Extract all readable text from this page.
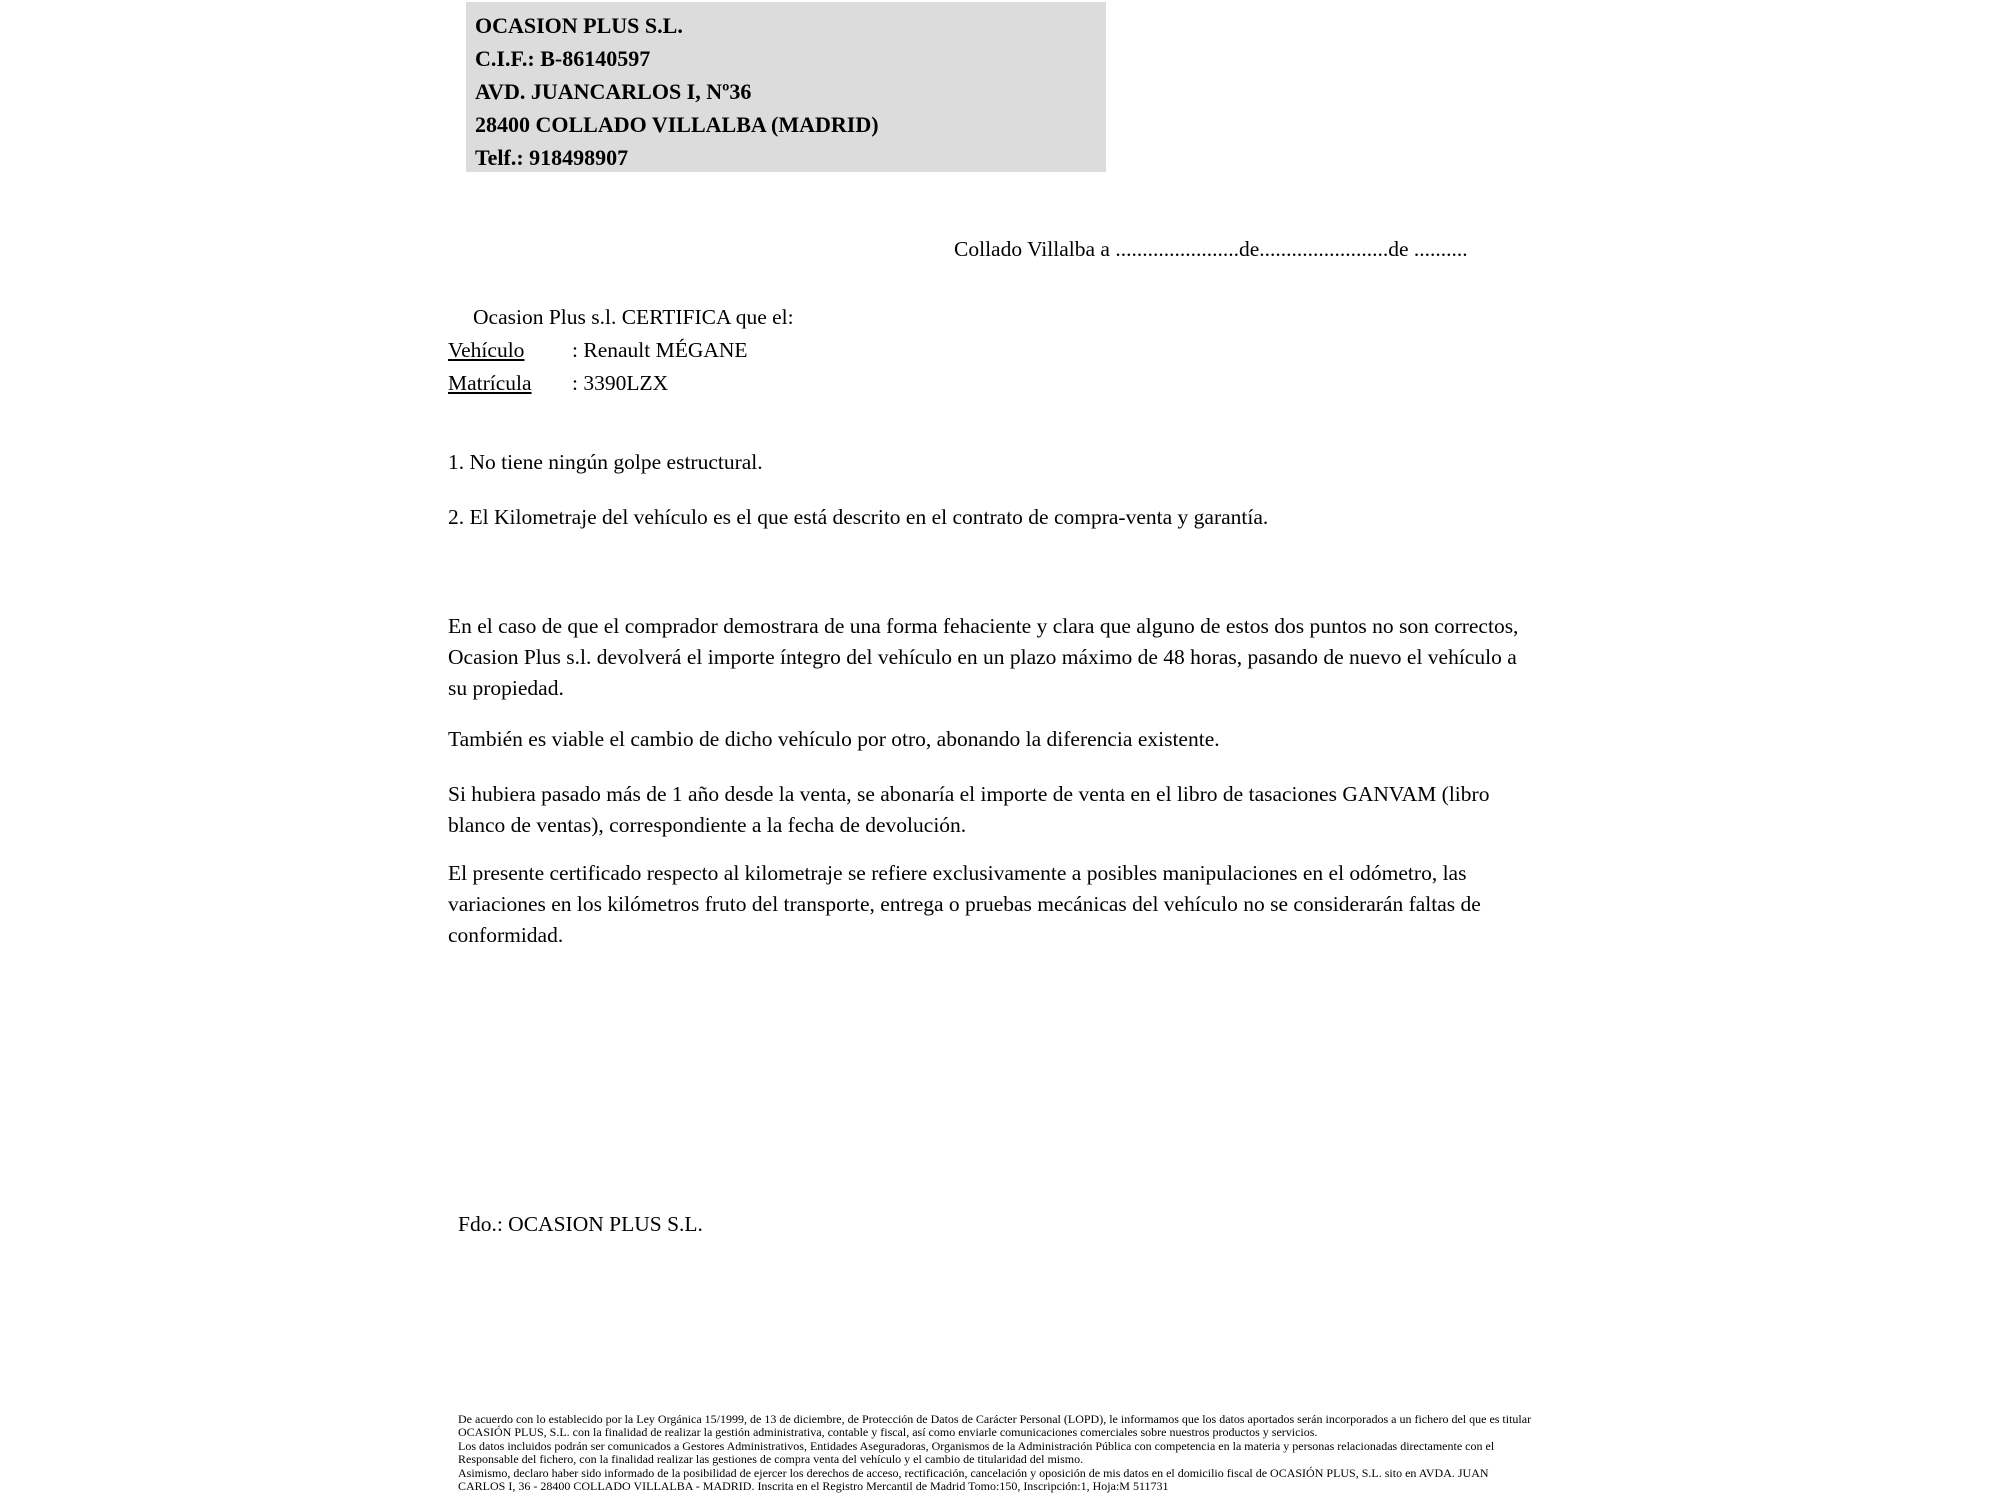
OCASION PLUS S.L.
C.I.F.: B-86140597
AVD. JUANCARLOS I, Nº36
28400 COLLADO VILLALBA (MADRID)
Telf.: 918498907
Collado Villalba a .......................de........................de ..........
Ocasion Plus s.l. CERTIFICA que el:
Vehículo : Renault MÉGANE
Matrícula : 3390LZX
1. No tiene ningún golpe estructural.
2. El Kilometraje del vehículo es el que está descrito en el contrato de compra-venta y garantía.
En el caso de que el comprador demostrara de una forma fehaciente y clara que alguno de estos dos puntos no son correctos, Ocasion Plus s.l. devolverá el importe íntegro del vehículo en un plazo máximo de 48 horas, pasando de nuevo el vehículo a su propiedad.
También es viable el cambio de dicho vehículo por otro, abonando la diferencia existente.
Si hubiera pasado más de 1 año desde la venta, se abonaría el importe de venta en el libro de tasaciones GANVAM (libro blanco de ventas), correspondiente a la fecha de devolución.
El presente certificado respecto al kilometraje se refiere exclusivamente a posibles manipulaciones en el odómetro, las variaciones en los kilómetros fruto del transporte, entrega o pruebas mecánicas del vehículo no se considerarán faltas de conformidad.
Fdo.: OCASION PLUS S.L.
De acuerdo con lo establecido por la Ley Orgánica 15/1999, de 13 de diciembre, de Protección de Datos de Carácter Personal (LOPD), le informamos que los datos aportados serán incorporados a un fichero del que es titular
OCASIÓN PLUS, S.L. con la finalidad de realizar la gestión administrativa, contable y fiscal, así como enviarle comunicaciones comerciales sobre nuestros productos y servicios.
Los datos incluidos podrán ser comunicados a Gestores Administrativos, Entidades Aseguradoras, Organismos de la Administración Pública con competencia en la materia y personas relacionadas directamente con el
Responsable del fichero, con la finalidad realizar las gestiones de compra venta del vehículo y el cambio de titularidad del mismo.
Asimismo, declaro haber sido informado de la posibilidad de ejercer los derechos de acceso, rectificación, cancelación y oposición de mis datos en el domicilio fiscal de OCASIÓN PLUS, S.L. sito en AVDA. JUAN
CARLOS I, 36 - 28400 COLLADO VILLALBA - MADRID. Inscrita en el Registro Mercantil de Madrid Tomo:150, Inscripción:1, Hoja:M 511731
